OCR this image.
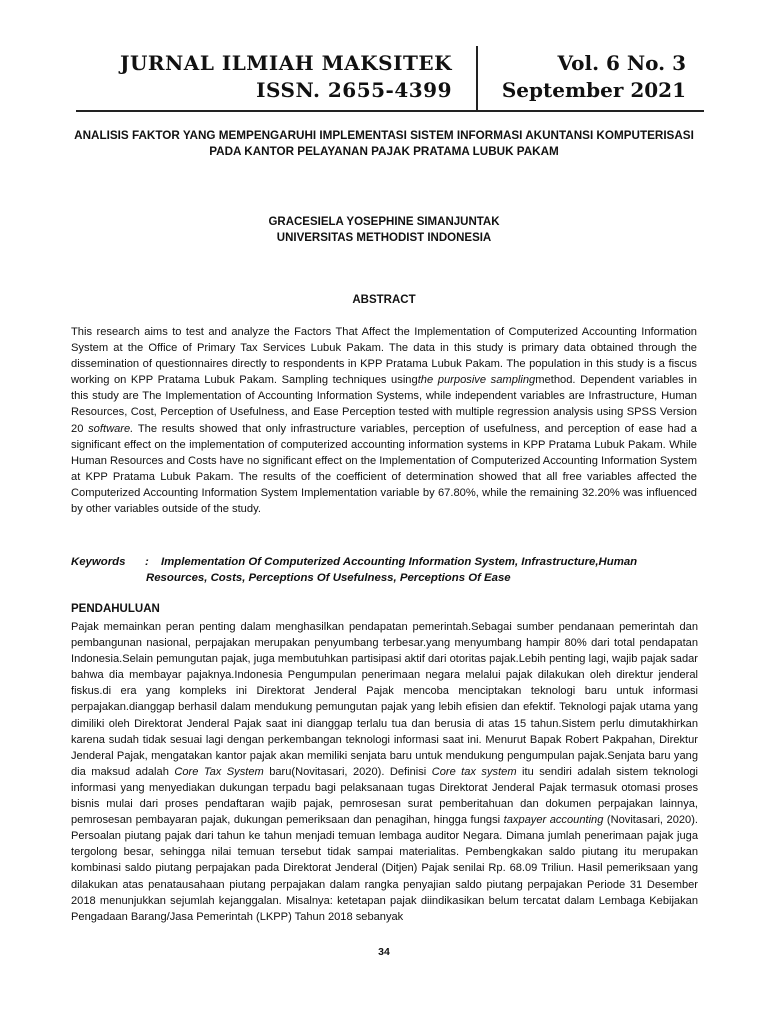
JURNAL ILMIAH MAKSITEK
ISSN. 2655-4399
Vol. 6 No. 3
September 2021
ANALISIS FAKTOR YANG MEMPENGARUHI IMPLEMENTASI SISTEM INFORMASI AKUNTANSI KOMPUTERISASI
PADA KANTOR PELAYANAN PAJAK PRATAMA LUBUK PAKAM
GRACESIELA YOSEPHINE SIMANJUNTAK
UNIVERSITAS METHODIST INDONESIA
ABSTRACT
This research aims to test and analyze the Factors That Affect the Implementation of Computerized Accounting Information System at the Office of Primary Tax Services Lubuk Pakam. The data in this study is primary data obtained through the dissemination of questionnaires directly to respondents in KPP Pratama Lubuk Pakam. The population in this study is a fiscus working on KPP Pratama Lubuk Pakam. Sampling techniques usingthe purposive samplingmethod. Dependent variables in this study are The Implementation of Accounting Information Systems, while independent variables are Infrastructure, Human Resources, Cost, Perception of Usefulness, and Ease Perception tested with multiple regression analysis using SPSS Version 20 software. The results showed that only infrastructure variables, perception of usefulness, and perception of ease had a significant effect on the implementation of computerized accounting information systems in KPP Pratama Lubuk Pakam. While Human Resources and Costs have no significant effect on the Implementation of Computerized Accounting Information System at KPP Pratama Lubuk Pakam. The results of the coefficient of determination showed that all free variables affected the Computerized Accounting Information System Implementation variable by 67.80%, while the remaining 32.20% was influenced by other variables outside of the study.
Keywords :	Implementation Of Computerized Accounting Information System, Infrastructure,Human Resources, Costs, Perceptions Of Usefulness, Perceptions Of Ease
PENDAHULUAN
Pajak memainkan peran penting dalam menghasilkan pendapatan pemerintah.Sebagai sumber pendanaan pemerintah dan pembangunan nasional, perpajakan merupakan penyumbang terbesar.yang menyumbang hampir 80% dari total pendapatan Indonesia.Selain pemungutan pajak, juga membutuhkan partisipasi aktif dari otoritas pajak.Lebih penting lagi, wajib pajak sadar bahwa dia membayar pajaknya.Indonesia Pengumpulan penerimaan negara melalui pajak dilakukan oleh direktur jenderal fiskus.di era yang kompleks ini Direktorat Jenderal Pajak mencoba menciptakan teknologi baru untuk informasi perpajakan.dianggap berhasil dalam mendukung pemungutan pajak yang lebih efisien dan efektif. Teknologi pajak utama yang dimiliki oleh Direktorat Jenderal Pajak saat ini dianggap terlalu tua dan berusia di atas 15 tahun.Sistem perlu dimutakhirkan karena sudah tidak sesuai lagi dengan perkembangan teknologi informasi saat ini. Menurut Bapak Robert Pakpahan, Direktur Jenderal Pajak, mengatakan kantor pajak akan memiliki senjata baru untuk mendukung pengumpulan pajak.Senjata baru yang dia maksud adalah Core Tax System baru(Novitasari, 2020). Definisi Core tax system itu sendiri adalah sistem teknologi informasi yang menyediakan dukungan terpadu bagi pelaksanaan tugas Direktorat Jenderal Pajak termasuk otomasi proses bisnis mulai dari proses pendaftaran wajib pajak, pemrosesan surat pemberitahuan dan dokumen perpajakan lainnya, pemrosesan pembayaran pajak, dukungan pemeriksaan dan penagihan, hingga fungsi taxpayer accounting (Novitasari, 2020). Persoalan piutang pajak dari tahun ke tahun menjadi temuan lembaga auditor Negara. Dimana jumlah penerimaan pajak juga tergolong besar, sehingga nilai temuan tersebut tidak sampai materialitas. Pembengkakan saldo piutang itu merupakan kombinasi saldo piutang perpajakan pada Direktorat Jenderal (Ditjen) Pajak senilai Rp. 68.09 Triliun. Hasil pemeriksaan yang dilakukan atas penatausahaan piutang perpajakan dalam rangka penyajian saldo piutang perpajakan Periode 31 Desember 2018 menunjukkan sejumlah kejanggalan. Misalnya: ketetapan pajak diindikasikan belum tercatat dalam Lembaga Kebijakan Pengadaan Barang/Jasa Pemerintah (LKPP) Tahun 2018 sebanyak
34
